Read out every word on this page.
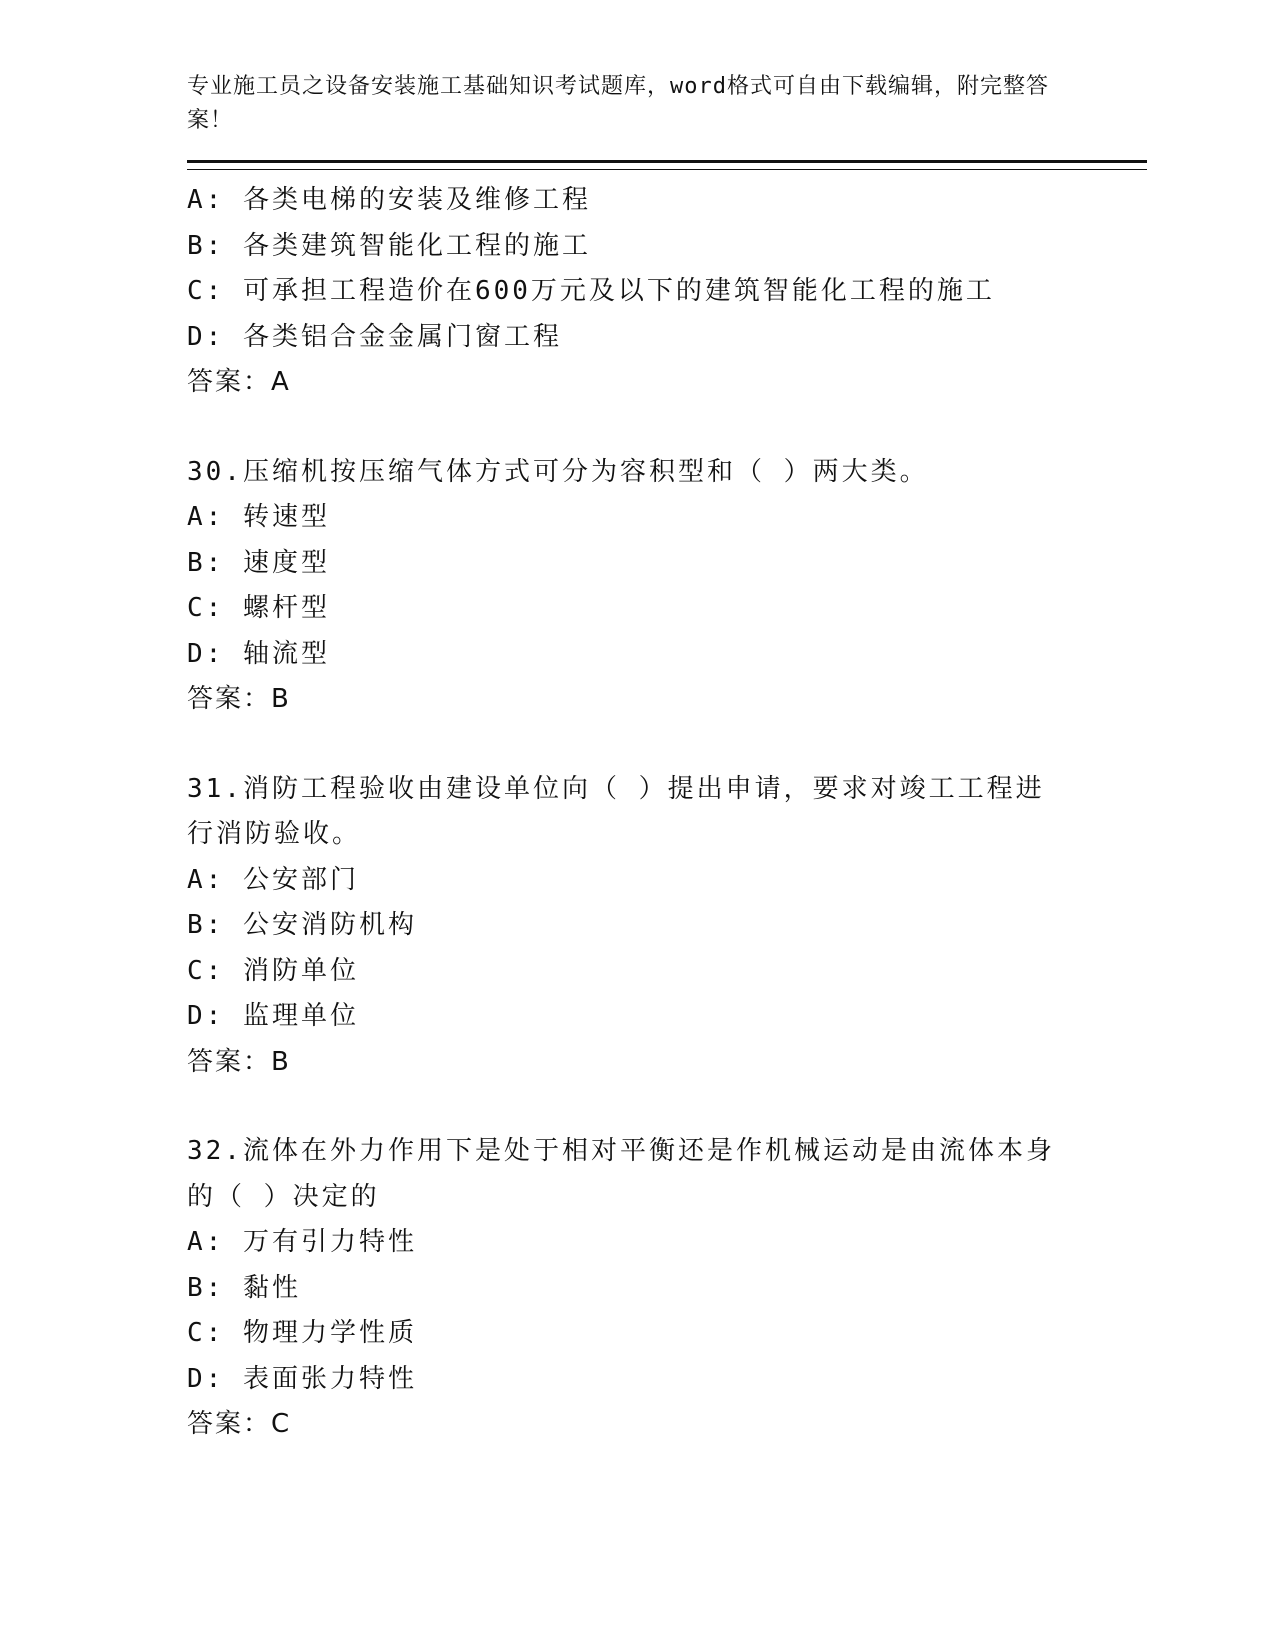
专业施工员之设备安装施工基础知识考试题库，word格式可自由下载编辑，附完整答案！
A: 各类电梯的安装及维修工程
B: 各类建筑智能化工程的施工
C: 可承担工程造价在600万元及以下的建筑智能化工程的施工
D: 各类铝合金金属门窗工程
答案：A
30.压缩机按压缩气体方式可分为容积型和（ ）两大类。
A: 转速型
B: 速度型
C: 螺杆型
D: 轴流型
答案：B
31.消防工程验收由建设单位向（ ）提出申请，要求对竣工工程进行消防验收。
A: 公安部门
B: 公安消防机构
C: 消防单位
D: 监理单位
答案：B
32.流体在外力作用下是处于相对平衡还是作机械运动是由流体本身的（ ）决定的
A: 万有引力特性
B: 黏性
C: 物理力学性质
D: 表面张力特性
答案：C
